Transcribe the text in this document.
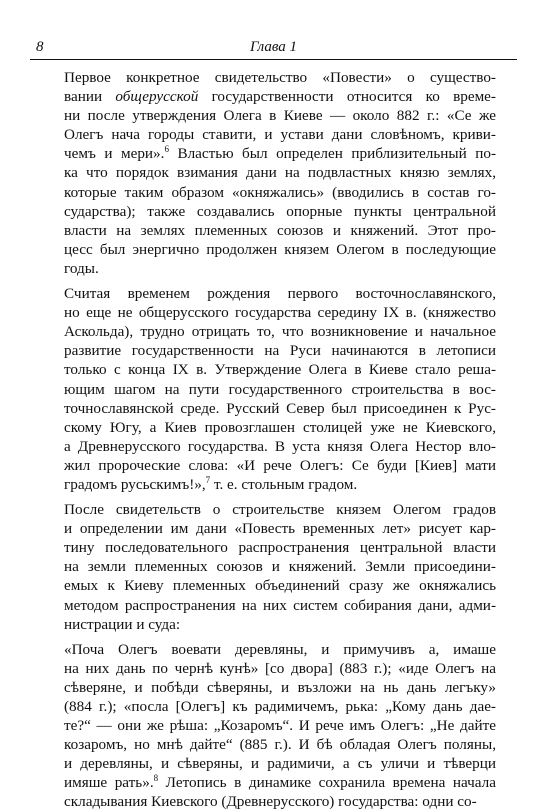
8	Глава 1

Первое конкретное свидетельство «Повести» о существо-
вании общерусской государственности относится ко време-
ни после утверждения Олега в Киеве — около 882 г.: «Се же
Олегъ нача городы ставити, и устави дани словѣномъ, криви-
чемъ и мери».$^6$ Властью был определен приблизительный по-
ка что порядок взимания дани на подвластных князю землях,
которые таким образом «окняжались» (вводились в состав го-
сударства); также создавались опорные пункты центральной
власти на землях племенных союзов и княжений. Этот про-
цесс был энергично продолжен князем Олегом в последующие
годы.

Считая временем рождения первого восточнославянского,
но еще не общерусского государства середину IX в. (княжество
Аскольда), трудно отрицать то, что возникновение и начальное
развитие государственности на Руси начинаются в летописи
только с конца IX в. Утверждение Олега в Киеве стало реша-
ющим шагом на пути государственного строительства в вос-
точнославянской среде. Русский Север был присоединен к Рус-
скому Югу, а Киев провозглашен столицей уже не Киевского,
а Древнерусского государства. В уста князя Олега Нестор вло-
жил пророческие слова: «И рече Олегъ: Се буди [Киев] мати
градомъ русьскимъ!»,$^7$ т. е. стольным градом.

После свидетельств о строительстве князем Олегом градов
и определении им дани «Повесть временных лет» рисует кар-
тину последовательного распространения центральной власти
на земли племенных союзов и княжений. Земли присоедини-
емых к Киеву племенных объединений сразу же окняжались
методом распространения на них систем собирания дани, адми-
нистрации и суда:

«Поча Олегъ воевати деревляны, и примучивъ а, имаше
на них дань по чернѣ кунѣ» [со двора] (883 г.); «иде Олегъ на
сѣверяне, и побѣди сѣверяны, и възложи на нь дань легъку»
(884 г.); «посла [Олегъ] къ радимичемъ, рька: „Кому дань дае-
те?“ — они же рѣша: „Козаромъ“. И рече имъ Олегъ: „Не дайте
козаромъ, но мнѣ дайте“ (885 г.). И бѣ обладая Олегъ поляны,
и деревляны, и сѣверяны, и радимичи, а съ уличи и тѣверци
имяше рать».$^8$ Летопись в динамике сохранила времена начала
складывания Киевского (Древнерусского) государства: одни со-
